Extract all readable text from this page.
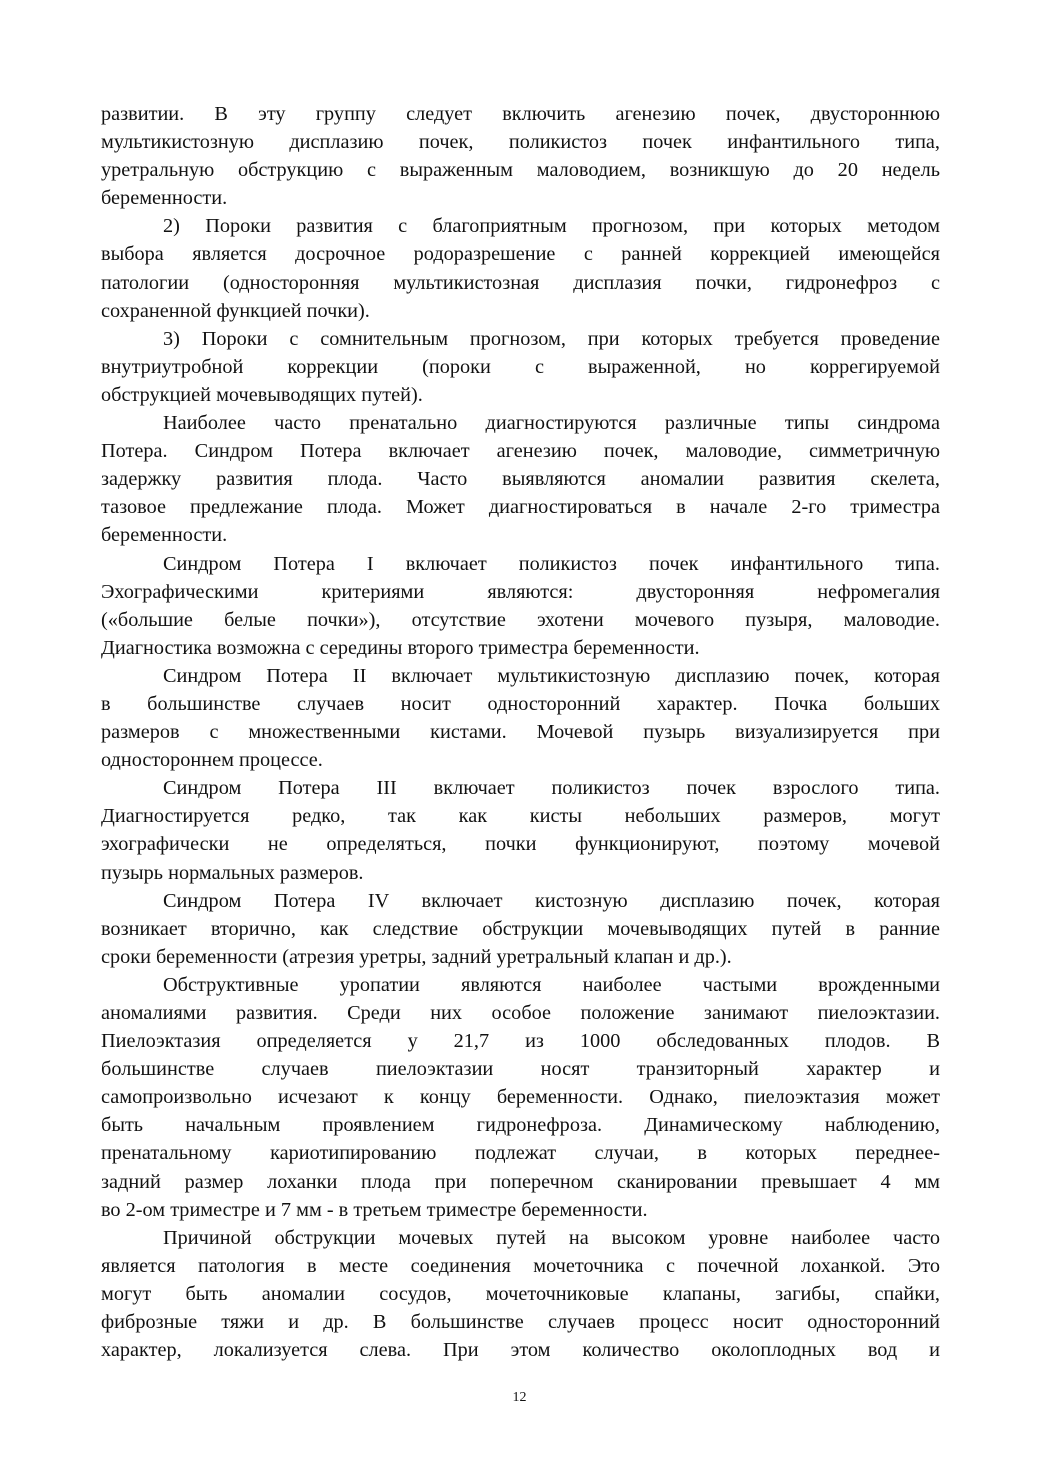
развитии. В эту группу следует включить агенезию почек, двустороннюю
мультикистозную дисплазию почек, поликистоз почек инфантильного типа,
уретральную обструкцию с выраженным маловодием, возникшую до 20 недель
беременности.
2) Пороки развития с благоприятным прогнозом, при которых методом
выбора является досрочное родоразрешение с ранней коррекцией имеющейся
патологии (односторонняя мультикистозная дисплазия почки, гидронефроз с
сохраненной функцией почки).
3) Пороки с сомнительным прогнозом, при которых требуется проведение
внутриутробной коррекции (пороки с выраженной, но коррегируемой
обструкцией мочевыводящих путей).
Наиболее часто пренатально диагностируются различные типы синдрома
Потера. Синдром Потера включает агенезию почек, маловодие, симметричную
задержку развития плода. Часто выявляются аномалии развития скелета,
тазовое предлежание плода. Может диагностироваться в начале 2-го триместра
беременности.
Синдром Потера I включает поликистоз почек инфантильного типа.
Эхографическими критериями являются: двусторонняя нефромегалия
(«большие белые почки»), отсутствие эхотени мочевого пузыря, маловодие.
Диагностика возможна с середины второго триместра беременности.
Синдром Потера II включает мультикистозную дисплазию почек, которая
в большинстве случаев носит односторонний характер. Почка больших
размеров с множественными кистами. Мочевой пузырь визуализируется при
одностороннем процессе.
Синдром Потера III включает поликистоз почек взрослого типа.
Диагностируется редко, так как кисты небольших размеров, могут
эхографически не определяться, почки функционируют, поэтому мочевой
пузырь нормальных размеров.
Синдром Потера IV включает кистозную дисплазию почек, которая
возникает вторично, как следствие обструкции мочевыводящих путей в ранние
сроки беременности (атрезия уретры, задний уретральный клапан и др.).
Обструктивные уропатии являются наиболее частыми врожденными
аномалиями развития. Среди них особое положение занимают пиелоэктазии.
Пиелоэктазия определяется у 21,7 из 1000 обследованных плодов. В
большинстве случаев пиелоэктазии носят транзиторный характер и
самопроизвольно исчезают к концу беременности. Однако, пиелоэктазия может
быть начальным проявлением гидронефроза. Динамическому наблюдению,
пренатальному кариотипированию подлежат случаи, в которых переднее-
задний размер лоханки плода при поперечном сканировании превышает 4 мм
во 2-ом триместре и 7 мм - в третьем триместре беременности.
Причиной обструкции мочевых путей на высоком уровне наиболее часто
является патология в месте соединения мочеточника с почечной лоханкой. Это
могут быть аномалии сосудов, мочеточниковые клапаны, загибы, спайки,
фиброзные тяжи и др. В большинстве случаев процесс носит односторонний
характер, локализуется слева. При этом количество околоплодных вод и
12
